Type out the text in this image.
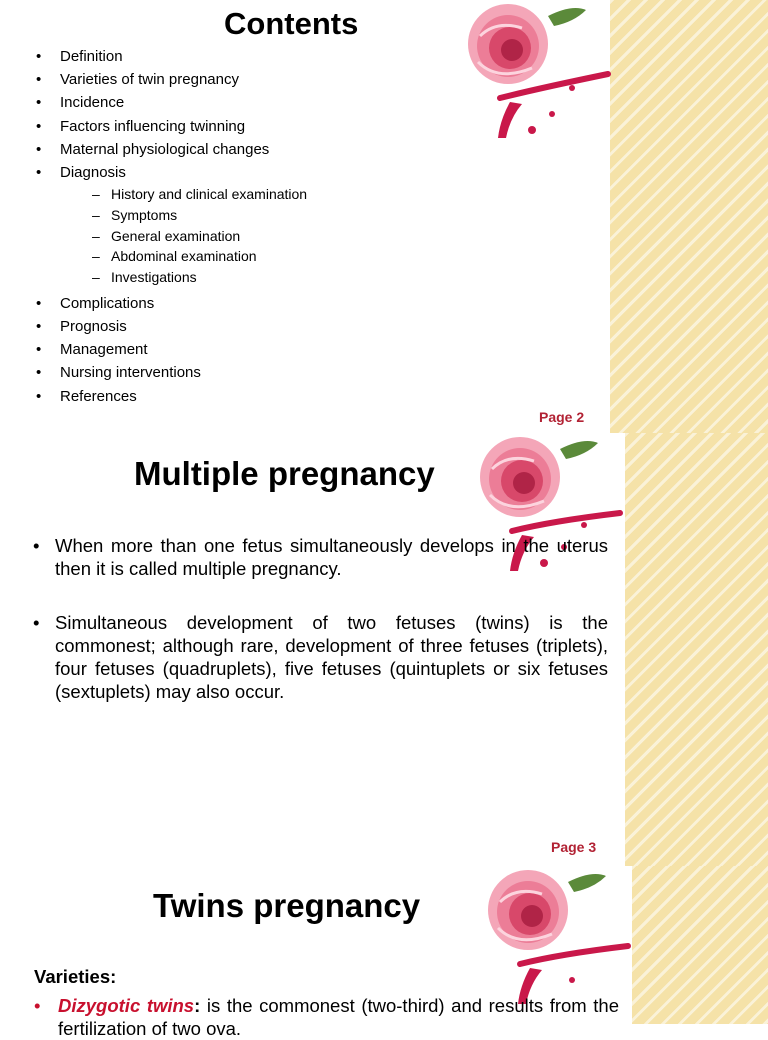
Contents
• Definition
• Varieties of twin pregnancy
• Incidence
• Factors influencing twinning
• Maternal physiological changes
• Diagnosis
– History and clinical examination
– Symptoms
– General examination
– Abdominal examination
– Investigations
• Complications
• Prognosis
• Management
• Nursing interventions
• References
Page 2
Multiple pregnancy

• When more than one fetus simultaneously develops in the uterus then it is called multiple pregnancy.

• Simultaneous development of two fetuses (twins) is the commonest; although rare, development of three fetuses (triplets), four fetuses (quadruplets), five fetuses (quintuplets or six fetuses (sextuplets) may also occur.

Page 3
Twins pregnancy
Varieties:
• Dizygotic twins: is the commonest (two-third) and results from the fertilization of two ova.
